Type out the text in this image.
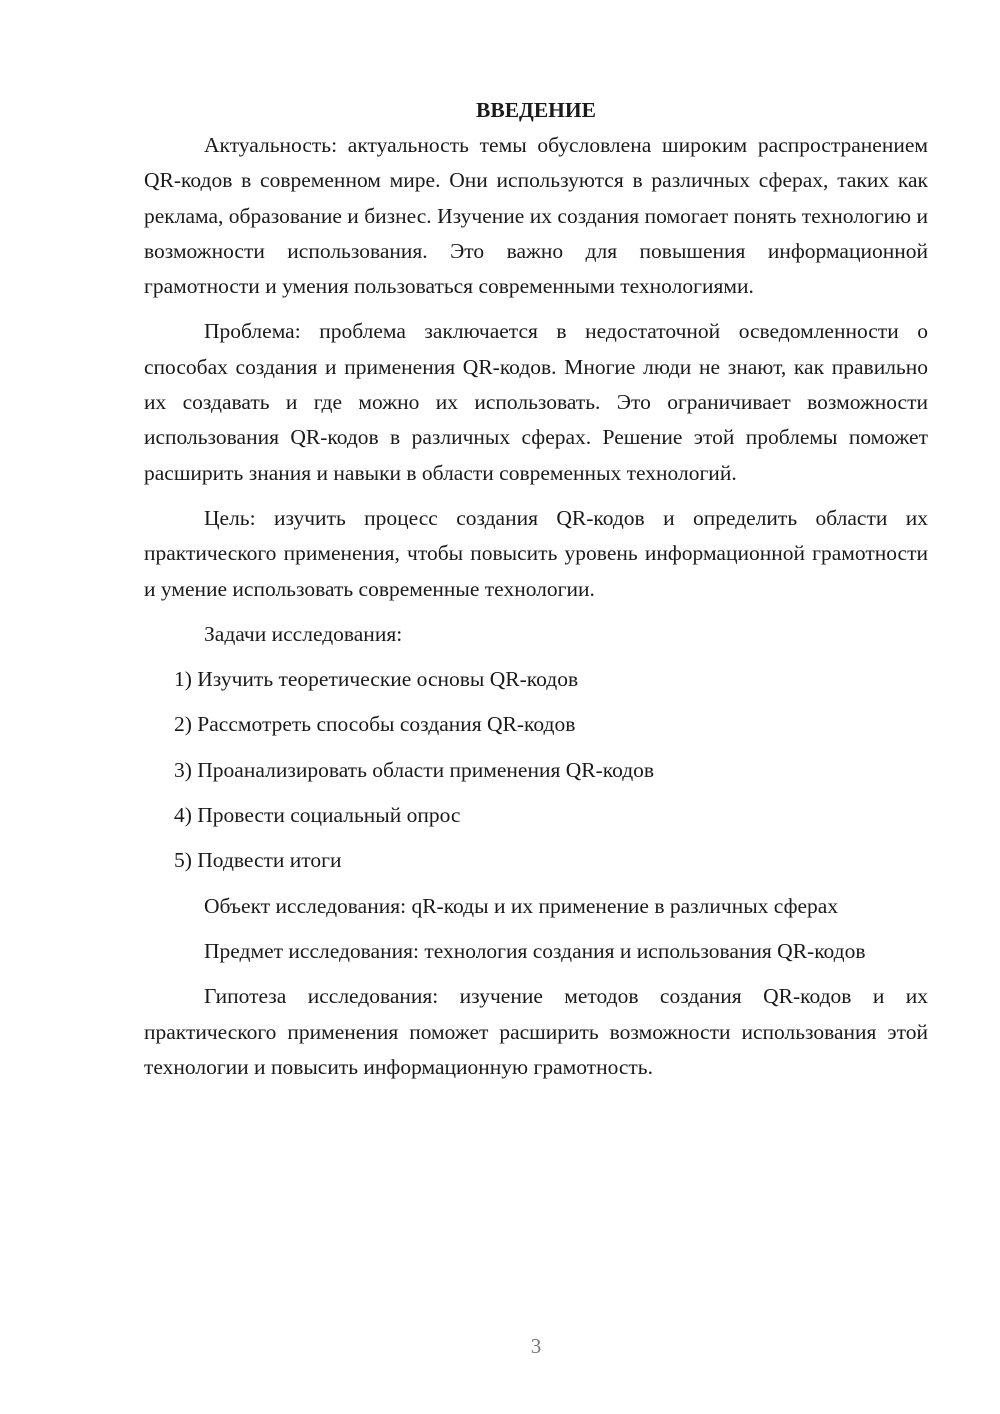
ВВЕДЕНИЕ

Актуальность: актуальность темы обусловлена широким распространением QR-кодов в современном мире. Они используются в различных сферах, таких как реклама, образование и бизнес. Изучение их создания помогает понять технологию и возможности использования. Это важно для повышения информационной грамотности и умения пользоваться современными технологиями.

Проблема: проблема заключается в недостаточной осведомленности о способах создания и применения QR-кодов. Многие люди не знают, как правильно их создавать и где можно их использовать. Это ограничивает возможности использования QR-кодов в различных сферах. Решение этой проблемы поможет расширить знания и навыки в области современных технологий.

Цель: изучить процесс создания QR-кодов и определить области их практического применения, чтобы повысить уровень информационной грамотности и умение использовать современные технологии.

Задачи исследования:

1) Изучить теоретические основы QR-кодов
2) Рассмотреть способы создания QR-кодов
3) Проанализировать области применения QR-кодов
4) Провести социальный опрос
5) Подвести итоги

Объект исследования: qR-коды и их применение в различных сферах

Предмет исследования: технология создания и использования QR-кодов

Гипотеза исследования: изучение методов создания QR-кодов и их практического применения поможет расширить возможности использования этой технологии и повысить информационную грамотность.

3
